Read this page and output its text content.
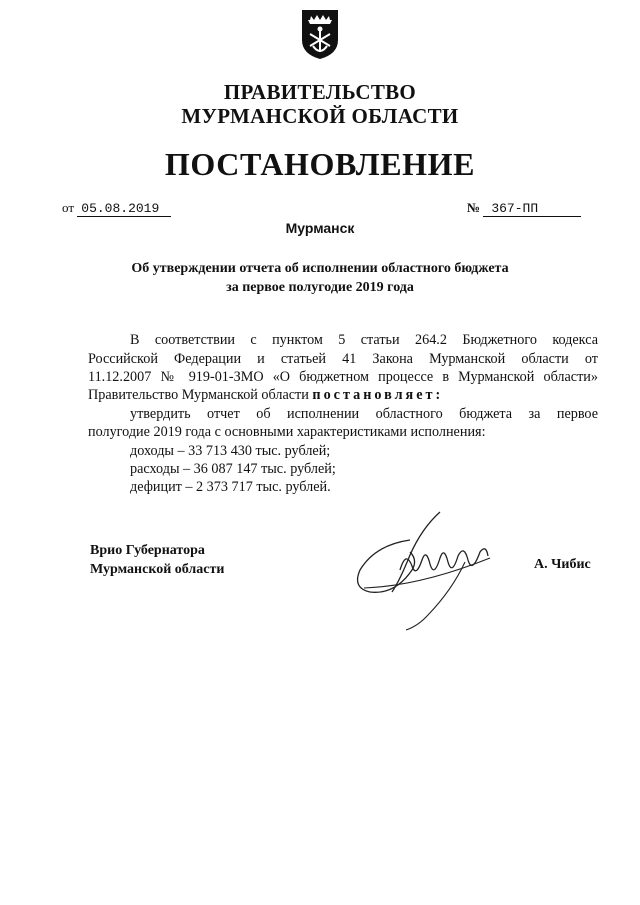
ПРАВИТЕЛЬСТВО
МУРМАНСКОЙ ОБЛАСТИ
ПОСТАНОВЛЕНИЕ
от 05.08.2019	№ 367-ПП
Мурманск
Об утверждении отчета об исполнении областного бюджета
за первое полугодие 2019 года
В соответствии с пунктом 5 статьи 264.2 Бюджетного кодекса
Российской Федерации и статьей 41 Закона Мурманской области от
11.12.2007 № 919-01-ЗМО «О бюджетном процессе в Мурманской области»
Правительство Мурманской области постановляет:
утвердить отчет об исполнении областного бюджета за первое
полугодие 2019 года с основными характеристиками исполнения:
доходы – 33 713 430 тыс. рублей;
расходы – 36 087 147 тыс. рублей;
дефицит – 2 373 717 тыс. рублей.
Врио Губернатора
Мурманской области	А. Чибис
